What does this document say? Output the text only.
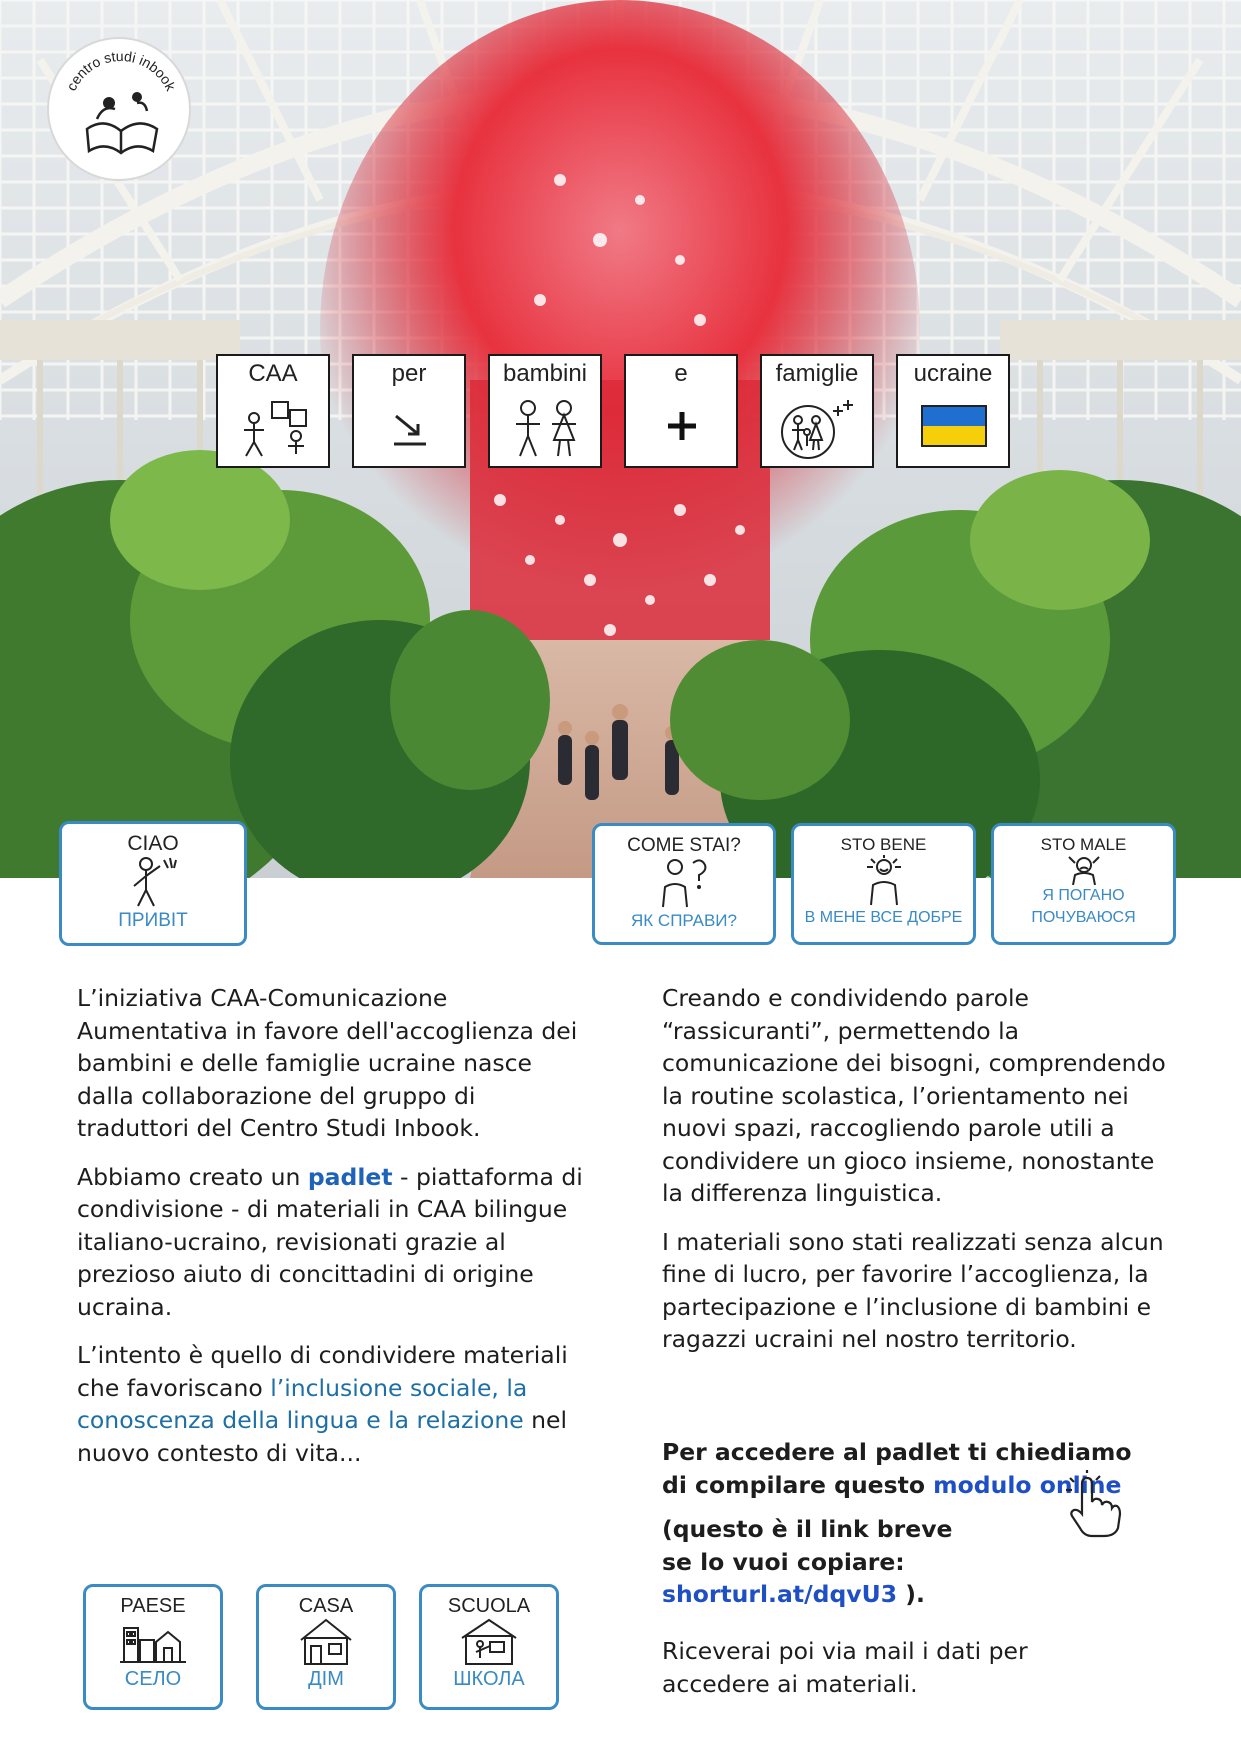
centro studi inbook
CAA	per	bambini	e	famiglie	ucraine
CIAO
ПРИВІТ
COME STAI?
ЯК СПРАВИ?
STO BENE
В МЕНЕ ВСЕ ДОБРЕ
STO MALE
Я ПОГАНО
ПОЧУВАЮСЯ

L’iniziativa CAA-Comunicazione Aumentativa in favore dell'accoglienza dei bambini e delle famiglie ucraine nasce dalla collaborazione del gruppo di traduttori del Centro Studi Inbook.

Abbiamo creato un padlet - piattaforma di condivisione - di materiali in CAA bilingue italiano-ucraino, revisionati grazie al prezioso aiuto di concittadini di origine ucraina.

L’intento è quello di condividere materiali che favoriscano l’inclusione sociale, la conoscenza della lingua e la relazione nel nuovo contesto di vita...

Creando e condividendo parole “rassicuranti”, permettendo la comunicazione dei bisogni, comprendendo la routine scolastica, l’orientamento nei nuovi spazi, raccogliendo parole utili a condividere un gioco insieme, nonostante la differenza linguistica.

I materiali sono stati realizzati senza alcun fine di lucro, per favorire l’accoglienza, la partecipazione e l’inclusione di bambini e ragazzi ucraini nel nostro territorio.

Per accedere al padlet ti chiediamo di compilare questo modulo online
(questo è il link breve
se lo vuoi copiare: shorturl.at/dqvU3 ).
Riceverai poi via mail i dati per accedere ai materiali.
PAESE
СЕЛО
CASA
ДІМ
SCUOLA
ШКОЛА
